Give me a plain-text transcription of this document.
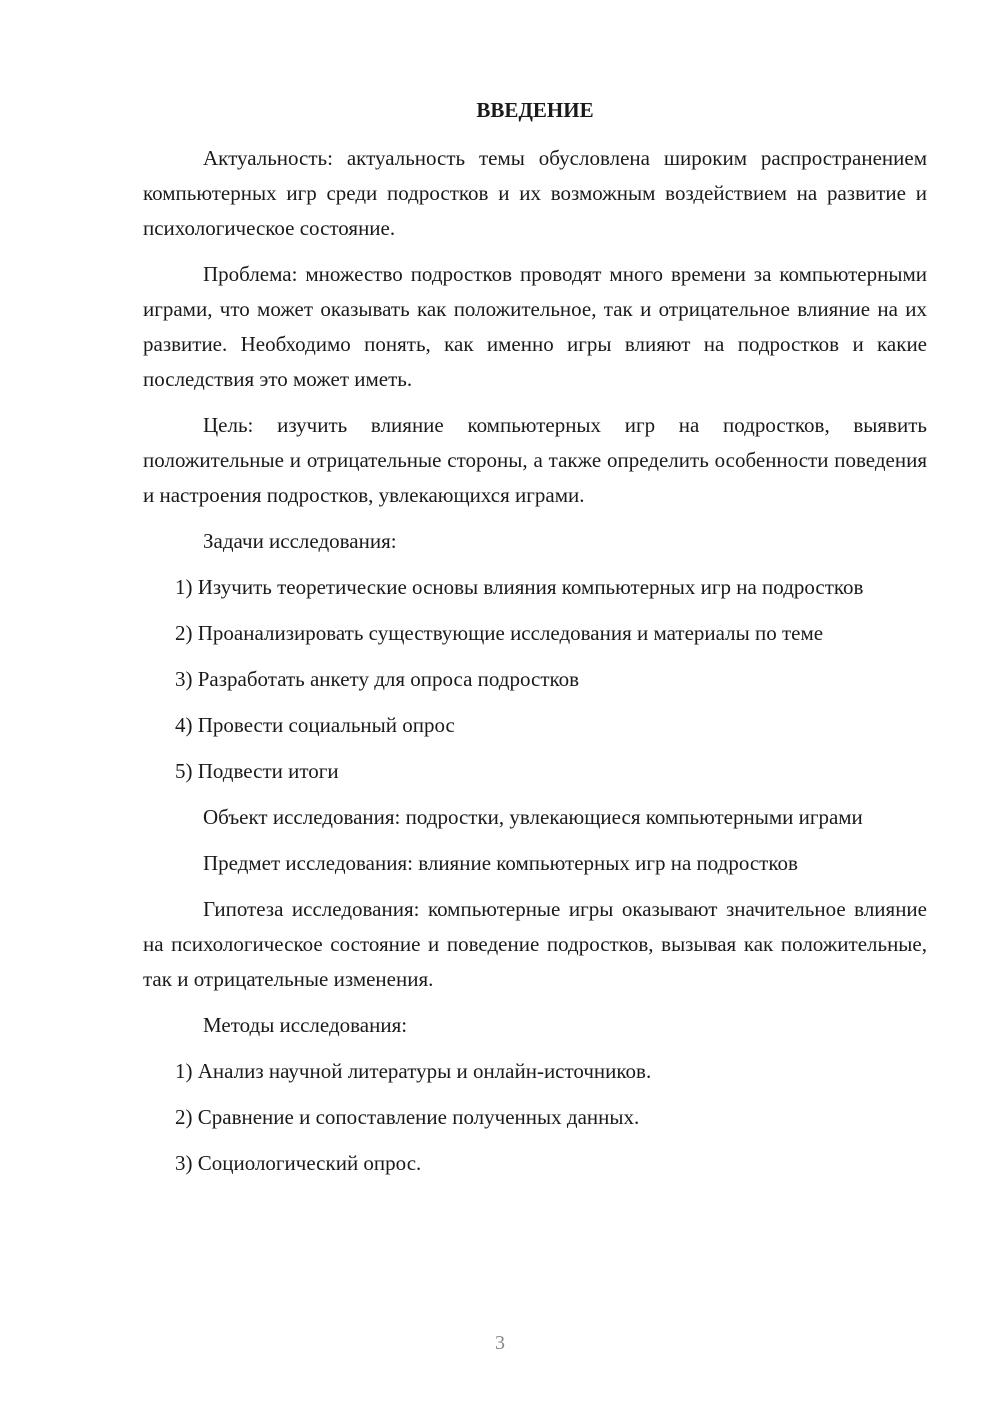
ВВЕДЕНИЕ

Актуальность: актуальность темы обусловлена широким распространением компьютерных игр среди подростков и их возможным воздействием на развитие и психологическое состояние.

Проблема: множество подростков проводят много времени за компьютерными играми, что может оказывать как положительное, так и отрицательное влияние на их развитие. Необходимо понять, как именно игры влияют на подростков и какие последствия это может иметь.

Цель: изучить влияние компьютерных игр на подростков, выявить положительные и отрицательные стороны, а также определить особенности поведения и настроения подростков, увлекающихся играми.

Задачи исследования:

1) Изучить теоретические основы влияния компьютерных игр на подростков

2) Проанализировать существующие исследования и материалы по теме

3) Разработать анкету для опроса подростков

4) Провести социальный опрос

5) Подвести итоги

Объект исследования: подростки, увлекающиеся компьютерными играми

Предмет исследования: влияние компьютерных игр на подростков

Гипотеза исследования: компьютерные игры оказывают значительное влияние на психологическое состояние и поведение подростков, вызывая как положительные, так и отрицательные изменения.

Методы исследования:

1) Анализ научной литературы и онлайн-источников.

2) Сравнение и сопоставление полученных данных.

3) Социологический опрос.

3
